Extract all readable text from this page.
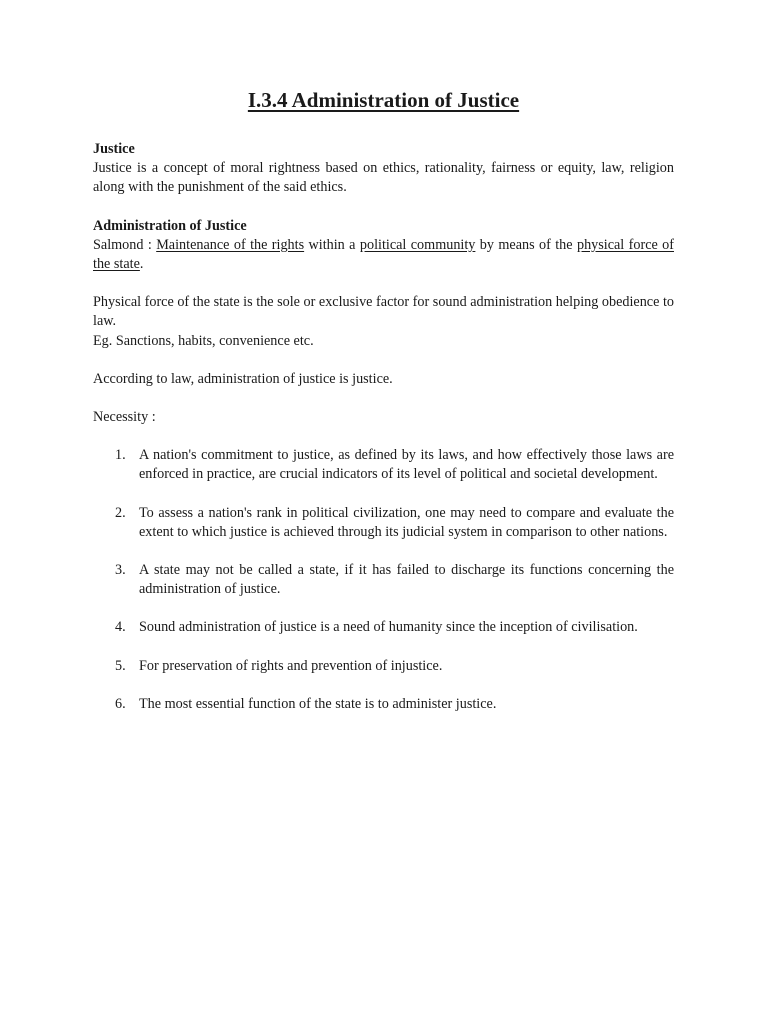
I.3.4 Administration of Justice

Justice
Justice is a concept of moral rightness based on ethics, rationality, fairness or equity, law, religion along with the punishment of the said ethics.

Administration of Justice
Salmond : Maintenance of the rights within a political community by means of the physical force of the state.

Physical force of the state is the sole or exclusive factor for sound administration helping obedience to law.
Eg. Sanctions, habits, convenience etc.

According to law, administration of justice is justice.

Necessity :

1. A nation's commitment to justice, as defined by its laws, and how effectively those laws are enforced in practice, are crucial indicators of its level of political and societal development.
2. To assess a nation's rank in political civilization, one may need to compare and evaluate the extent to which justice is achieved through its judicial system in comparison to other nations.
3. A state may not be called a state, if it has failed to discharge its functions concerning the administration of justice.
4. Sound administration of justice is a need of humanity since the inception of civilisation.
5. For preservation of rights and prevention of injustice.
6. The most essential function of the state is to administer justice.
